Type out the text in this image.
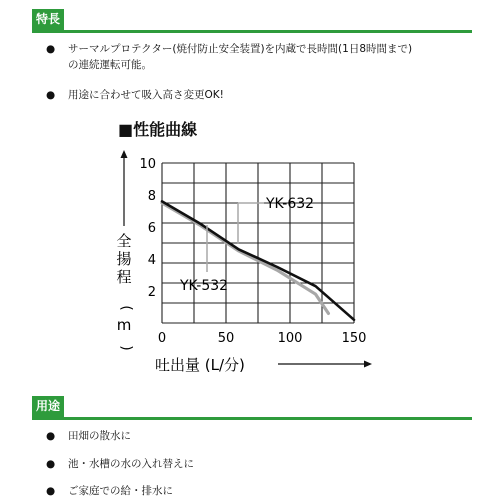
特長
●	サーマルプロテクター(焼付防止安全装置)を内蔵で長時間(1日8時間まで)
の連続運転可能。
●	用途に合わせて吸入高さ変更OK!
■性能曲線
2
4
6
8
10
0	50	100	150
YK-632
YK-532
全
揚
程
(
m
)
吐出量 (L/分)
用途
●	田畑の散水に
●	池・水槽の水の入れ替えに
●	ご家庭での給・排水に
